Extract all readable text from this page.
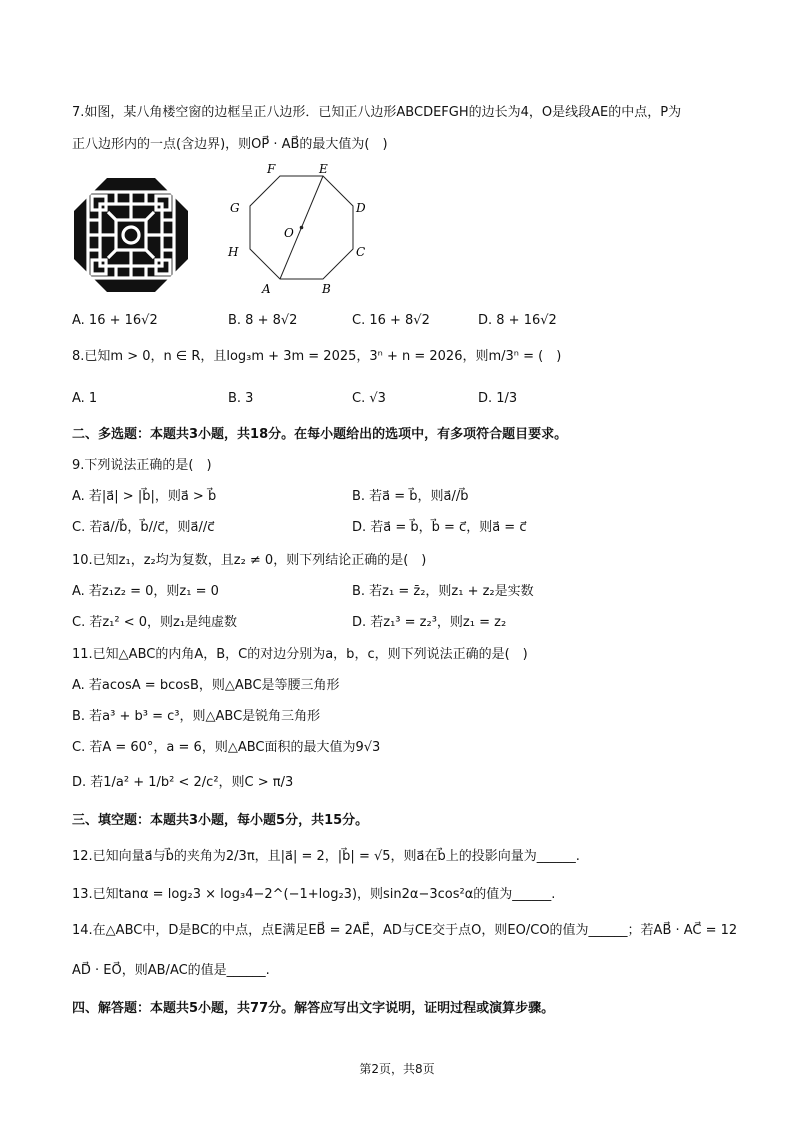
7.如图，某八角楼空窗的边框呈正八边形．已知正八边形ABCDEFGH的边长为4，O是线段AE的中点，P为
正八边形内的一点(含边界)，则OP⃗ · AB⃗的最大值为(　)
F	E
G	D
O
H	C
A	B
A. 16 + 16√2	B. 8 + 8√2	C. 16 + 8√2	D. 8 + 16√2
8.已知m > 0，n ∈ R，且log₃m + 3m = 2025，3ⁿ + n = 2026，则m/3ⁿ = (　)
A. 1	B. 3	C. √3	D. 1/3
二、多选题：本题共3小题，共18分。在每小题给出的选项中，有多项符合题目要求。
9.下列说法正确的是(　)
A. 若|a⃗| > |b⃗|，则a⃗ > b⃗	B. 若a⃗ = b⃗，则a⃗//b⃗
C. 若a⃗//b⃗，b⃗//c⃗，则a⃗//c⃗	D. 若a⃗ = b⃗，b⃗ = c⃗，则a⃗ = c⃗
10.已知z₁，z₂均为复数，且z₂ ≠ 0，则下列结论正确的是(　)
A. 若z₁z₂ = 0，则z₁ = 0	B. 若z₁ = z̄₂，则z₁ + z₂是实数
C. 若z₁² < 0，则z₁是纯虚数	D. 若z₁³ = z₂³，则z₁ = z₂
11.已知△ABC的内角A，B，C的对边分别为a，b，c，则下列说法正确的是(　)
A. 若acosA = bcosB，则△ABC是等腰三角形
B. 若a³ + b³ = c³，则△ABC是锐角三角形
C. 若A = 60°，a = 6，则△ABC面积的最大值为9√3
D. 若1/a² + 1/b² < 2/c²，则C > π/3
三、填空题：本题共3小题，每小题5分，共15分。
12.已知向量a⃗与b⃗的夹角为2/3π，且|a⃗| = 2，|b⃗| = √5，则a⃗在b⃗上的投影向量为______.
13.已知tanα = log₂3 × log₃4−2^(−1+log₂3)，则sin2α−3cos²α的值为______.
14.在△ABC中，D是BC的中点，点E满足EB⃗ = 2AE⃗，AD与CE交于点O，则EO/CO的值为______；若AB⃗ · AC⃗ = 12
AD⃗ · EO⃗，则AB/AC的值是______.
四、解答题：本题共5小题，共77分。解答应写出文字说明，证明过程或演算步骤。
第2页，共8页
